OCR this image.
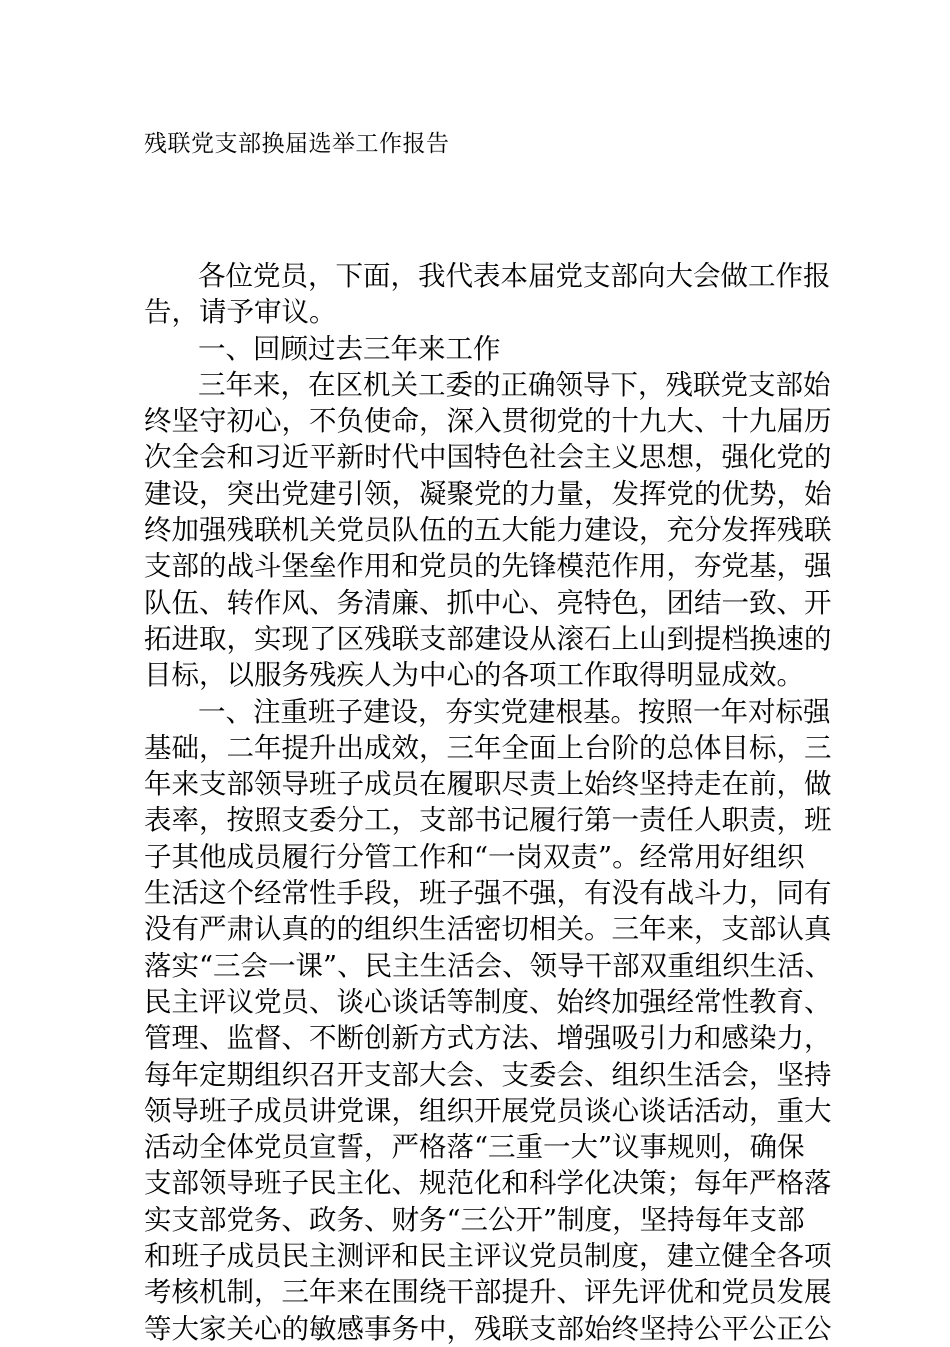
残联党支部换届选举工作报告
各位党员，下面，我代表本届党支部向大会做工作报
告，请予审议。
一、回顾过去三年来工作
三年来，在区机关工委的正确领导下，残联党支部始
终坚守初心，不负使命，深入贯彻党的十九大、十九届历
次全会和习近平新时代中国特色社会主义思想，强化党的
建设，突出党建引领，凝聚党的力量，发挥党的优势，始
终加强残联机关党员队伍的五大能力建设，充分发挥残联
支部的战斗堡垒作用和党员的先锋模范作用，夯党基，强
队伍、转作风、务清廉、抓中心、亮特色，团结一致、开
拓进取，实现了区残联支部建设从滚石上山到提档换速的
目标，以服务残疾人为中心的各项工作取得明显成效。
一、注重班子建设，夯实党建根基。按照一年对标强
基础，二年提升出成效，三年全面上台阶的总体目标，三
年来支部领导班子成员在履职尽责上始终坚持走在前，做
表率，按照支委分工，支部书记履行第一责任人职责，班
子其他成员履行分管工作和“一岗双责”。经常用好组织
生活这个经常性手段，班子强不强，有没有战斗力，同有
没有严肃认真的的组织生活密切相关。三年来，支部认真
落实“三会一课”、民主生活会、领导干部双重组织生活、
民主评议党员、谈心谈话等制度、始终加强经常性教育、
管理、监督、不断创新方式方法、增强吸引力和感染力，
每年定期组织召开支部大会、支委会、组织生活会，坚持
领导班子成员讲党课，组织开展党员谈心谈话活动，重大
活动全体党员宣誓，严格落“三重一大”议事规则，确保
支部领导班子民主化、规范化和科学化决策；每年严格落
实支部党务、政务、财务“三公开”制度，坚持每年支部
和班子成员民主测评和民主评议党员制度，建立健全各项
考核机制，三年来在围绕干部提升、评先评优和党员发展
等大家关心的敏感事务中，残联支部始终坚持公平公正公
